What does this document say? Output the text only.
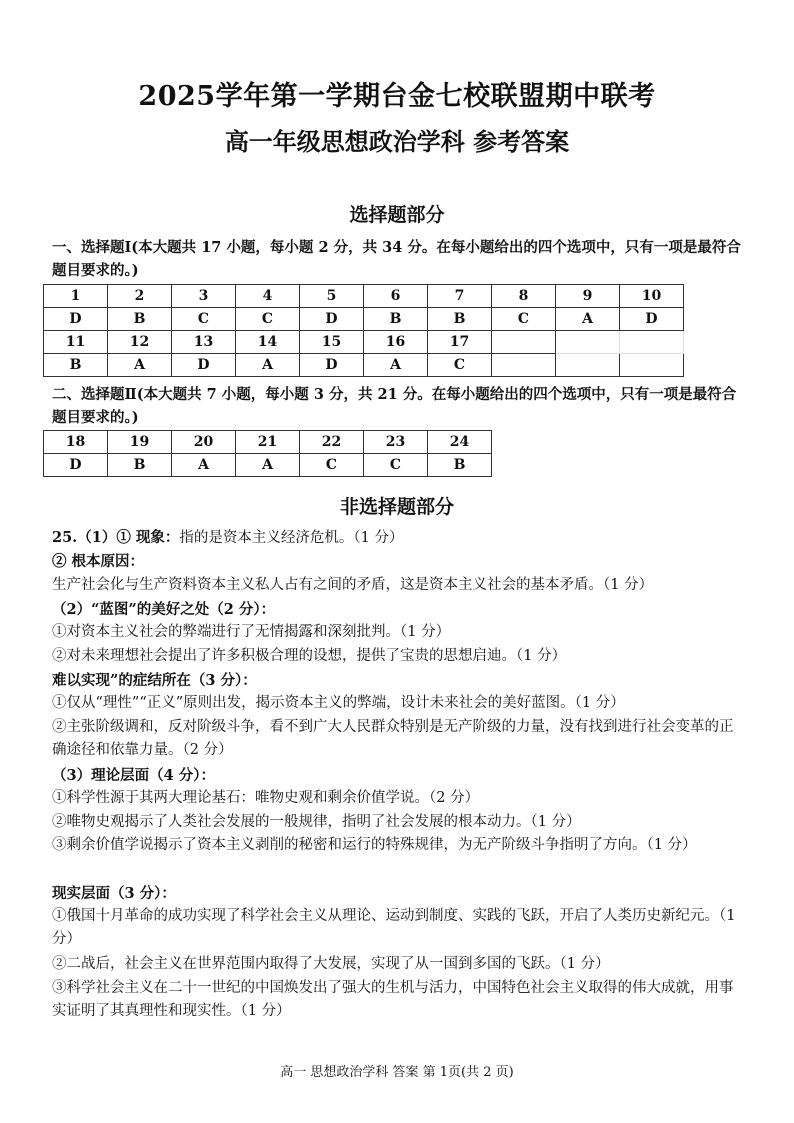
2025学年第一学期台金七校联盟期中联考
高一年级思想政治学科 参考答案
选择题部分
一、选择题Ⅰ(本大题共 17 小题，每小题 2 分，共 34 分。在每小题给出的四个选项中，只有一项是最符合题目要求的。)
1	2	3	4	5	6	7	8	9	10
D	B	C	C	D	B	B	C	A	D
11	12	13	14	15	16	17			
B	A	D	A	D	A	C			
二、选择题Ⅱ(本大题共 7 小题，每小题 3 分，共 21 分。在每小题给出的四个选项中，只有一项是最符合题目要求的。)
18	19	20	21	22	23	24
D	B	A	A	C	C	B
非选择题部分
25.（1）① 现象：指的是资本主义经济危机。（1 分）
② 根本原因：生产社会化与生产资料资本主义私人占有之间的矛盾，这是资本主义社会的基本矛盾。（1 分）
（2）“蓝图”的美好之处（2 分）：
①对资本主义社会的弊端进行了无情揭露和深刻批判。（1 分）
②对未来理想社会提出了许多积极合理的设想，提供了宝贵的思想启迪。（1 分）
难以实现”的症结所在（3 分）：
①仅从“理性”“正义”原则出发，揭示资本主义的弊端，设计未来社会的美好蓝图。（1 分）
②主张阶级调和，反对阶级斗争，看不到广大人民群众特别是无产阶级的力量，没有找到进行社会变革的正确途径和依靠力量。（2 分）
（3）理论层面（4 分）：
①科学性源于其两大理论基石：唯物史观和剩余价值学说。（2 分）
②唯物史观揭示了人类社会发展的一般规律，指明了社会发展的根本动力。（1 分）
③剩余价值学说揭示了资本主义剥削的秘密和运行的特殊规律，为无产阶级斗争指明了方向。（1 分）
现实层面（3 分）：
①俄国十月革命的成功实现了科学社会主义从理论、运动到制度、实践的飞跃，开启了人类历史新纪元。（1 分）
②二战后，社会主义在世界范围内取得了大发展，实现了从一国到多国的飞跃。（1 分）
③科学社会主义在二十一世纪的中国焕发出了强大的生机与活力，中国特色社会主义取得的伟大成就，用事实证明了其真理性和现实性。（1 分）
高一 思想政治学科 答案 第 1页(共 2 页)
